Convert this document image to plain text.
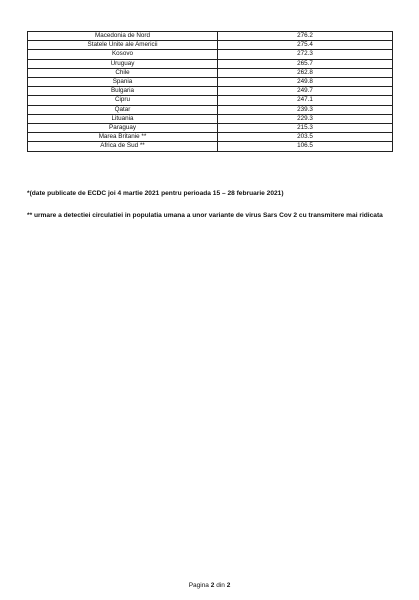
Macedonia de Nord	276.2
Statele Unite ale Americii	275.4
Kosovo	272.3
Uruguay	265.7
Chile	262.8
Spania	249.8
Bulgaria	249.7
Cipru	247.1
Qatar	239.3
Lituania	229.3
Paraguay	215.3
Marea Britanie **	203.5
Africa de Sud **	106.5
*(date publicate de ECDC joi 4 martie 2021 pentru perioada 15 – 28 februarie 2021)
** urmare a detectiei circulatiei in populatia umana a unor variante de virus Sars Cov 2 cu transmitere mai ridicata
Pagina 2 din 2
